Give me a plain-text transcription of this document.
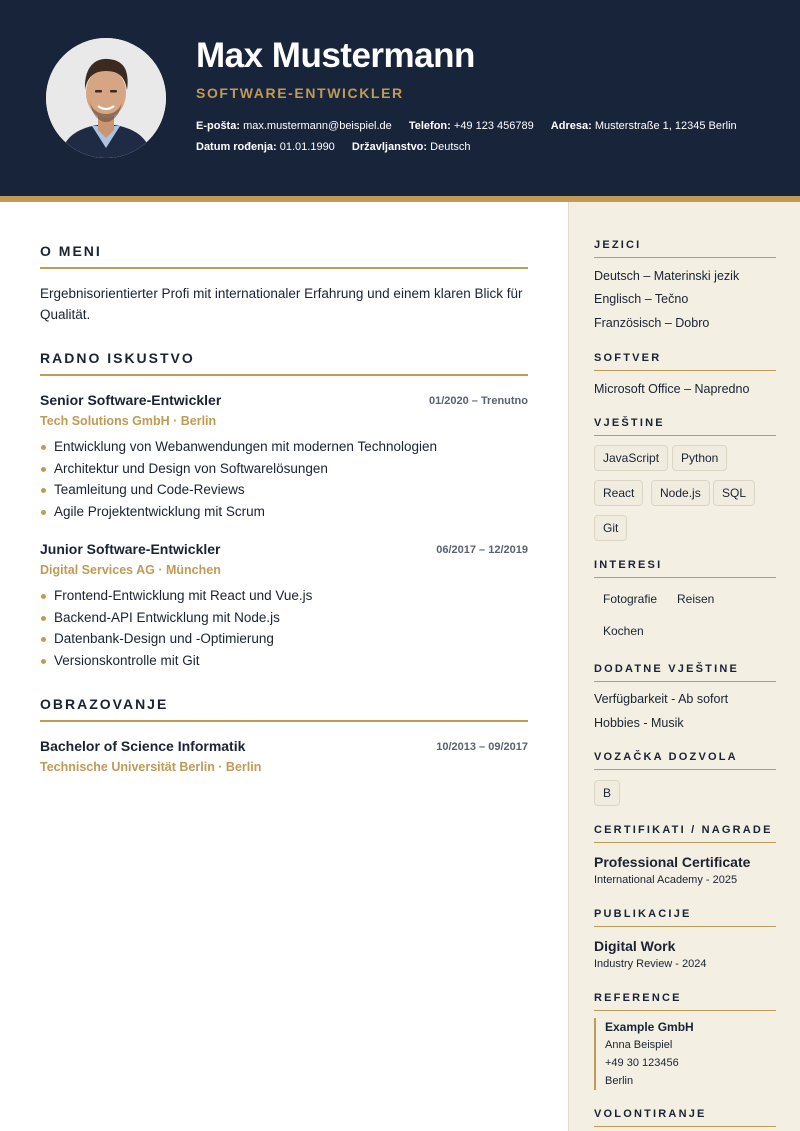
Max Mustermann
SOFTWARE-ENTWICKLER
E-pošta: max.mustermann@beispiel.de Telefon: +49 123 456789 Adresa: Musterstraße 1, 12345 Berlin
Datum rođenja: 01.01.1990 Državljanstvo: Deutsch
O MENI
Ergebnisorientierter Profi mit internationaler Erfahrung und einem klaren Blick für Qualität.
RADNO ISKUSTVO
Senior Software-Entwickler	01/2020 – Trenutno
Tech Solutions GmbH · Berlin
Entwicklung von Webanwendungen mit modernen Technologien
Architektur und Design von Softwarelösungen
Teamleitung und Code-Reviews
Agile Projektentwicklung mit Scrum
Junior Software-Entwickler	06/2017 – 12/2019
Digital Services AG · München
Frontend-Entwicklung mit React und Vue.js
Backend-API Entwicklung mit Node.js
Datenbank-Design und -Optimierung
Versionskontrolle mit Git
OBRAZOVANJE
Bachelor of Science Informatik	10/2013 – 09/2017
Technische Universität Berlin · Berlin
JEZICI
Deutsch – Materinski jezik
Englisch – Tečno
Französisch – Dobro
SOFTVER
Microsoft Office – Napredno
VJEŠTINE
JavaScript	Python
React	Node.js	SQL
Git
INTERESI
Fotografie	Reisen
Kochen
DODATNE VJEŠTINE
Verfügbarkeit - Ab sofort
Hobbies - Musik
VOZAČKA DOZVOLA
B
CERTIFIKATI / NAGRADE
Professional Certificate
International Academy - 2025
PUBLIKACIJE
Digital Work
Industry Review - 2024
REFERENCE
Example GmbH
Anna Beispiel
+49 30 123456
Berlin
VOLONTIRANJE
